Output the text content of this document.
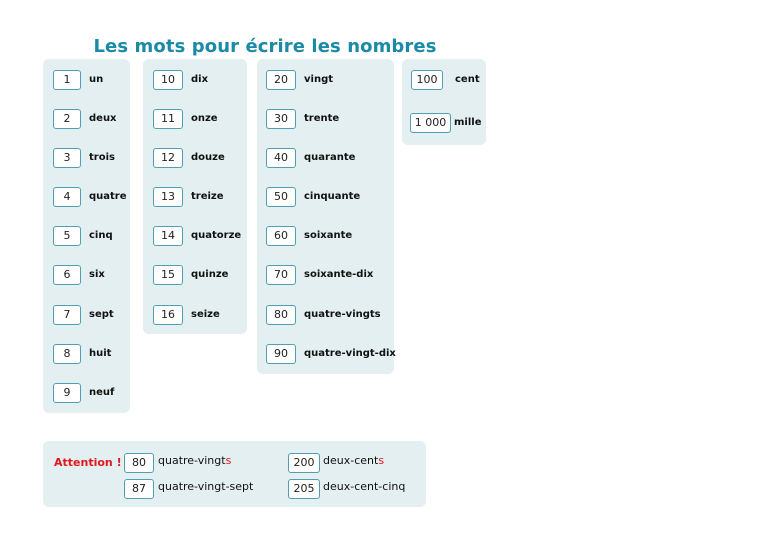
Les mots pour écrire les nombres
1	un
2	deux
3	trois
4	quatre
5	cinq
6	six
7	sept
8	huit
9	neuf
10	dix
11	onze
12	douze
13	treize
14	quatorze
15	quinze
16	seize
20	vingt
30	trente
40	quarante
50	cinquante
60	soixante
70	soixante-dix
80	quatre-vingts
90	quatre-vingt-dix
100	cent
1 000 mille
Attention ! 80	quatre-vingts
87	quatre-vingt-sept
200 deux-cents
205 deux-cent-cinq
